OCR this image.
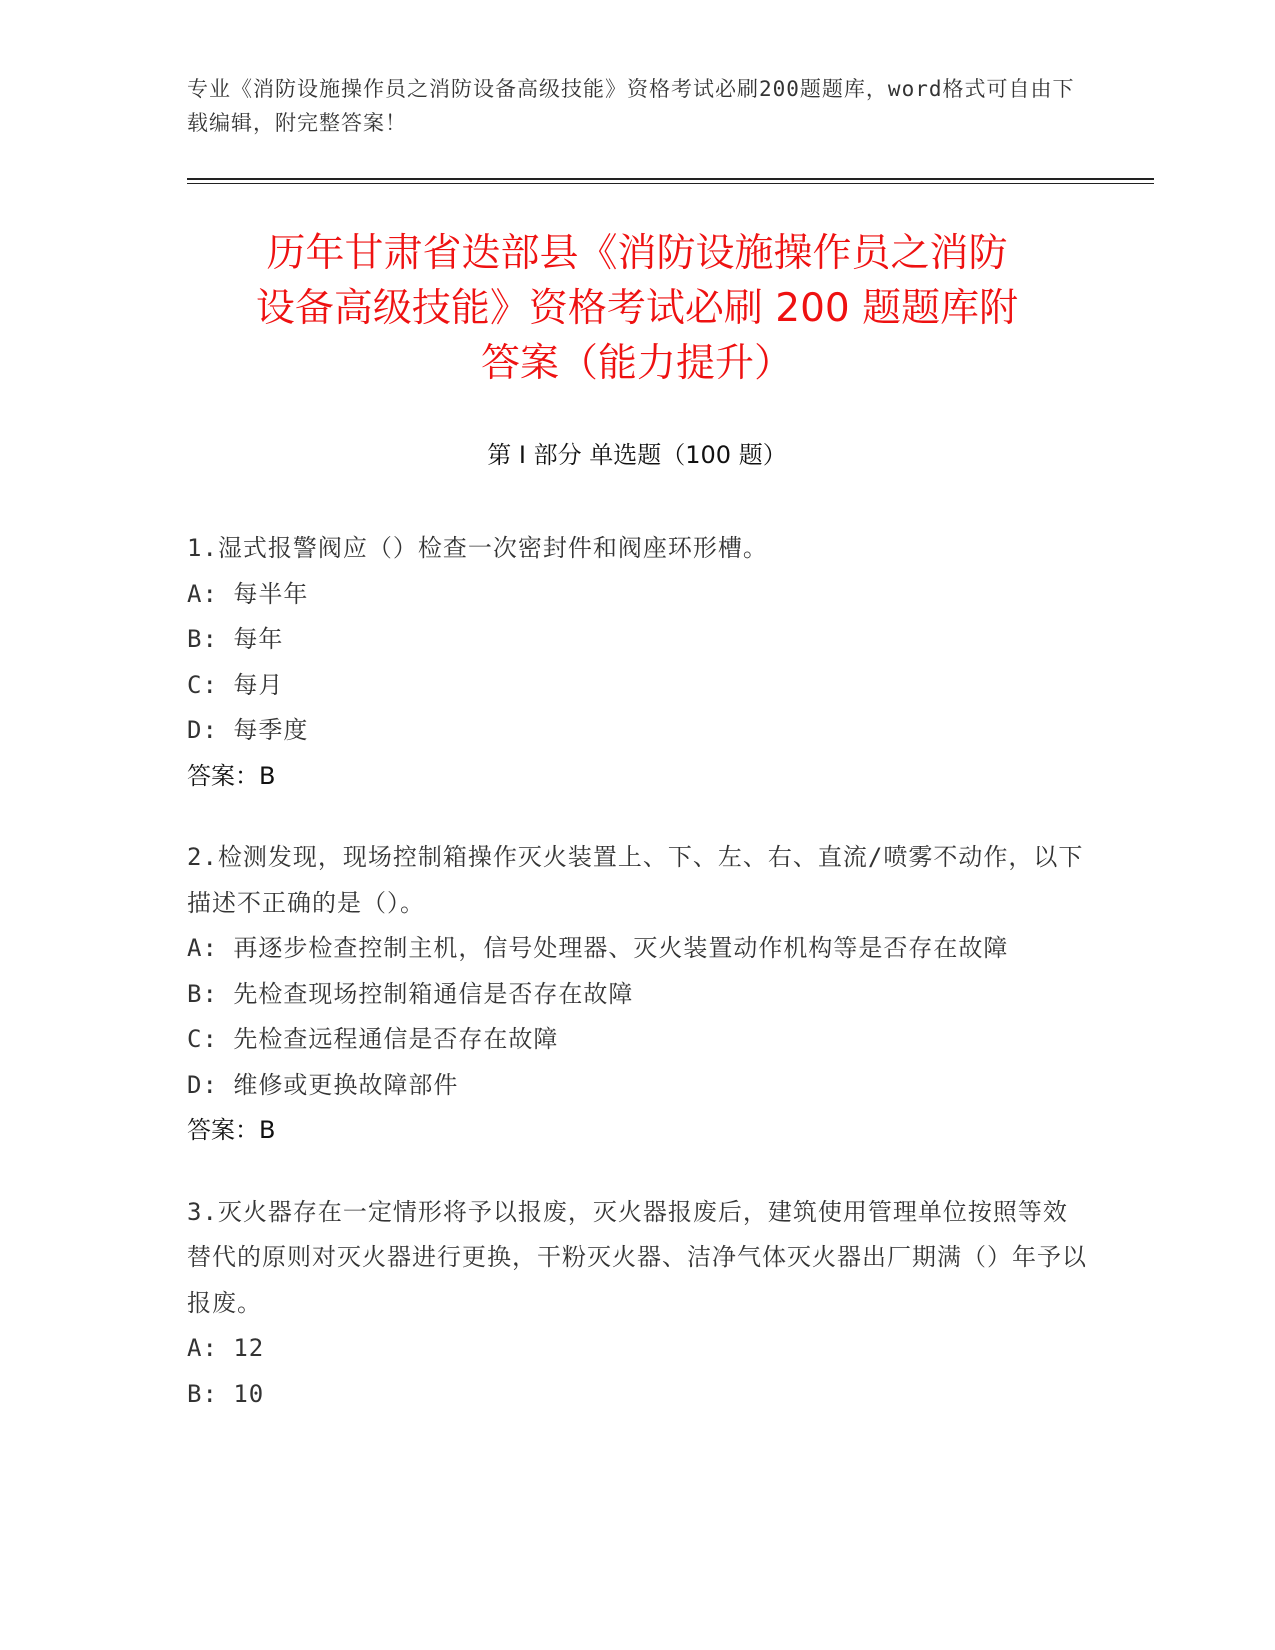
专业《消防设施操作员之消防设备高级技能》资格考试必刷200题题库，word格式可自由下载编辑，附完整答案！
历年甘肃省迭部县《消防设施操作员之消防
设备高级技能》资格考试必刷 200 题题库附
答案（能力提升）
第 I 部分 单选题（100 题）
1.湿式报警阀应（）检查一次密封件和阀座环形槽。
A: 每半年
B: 每年
C: 每月
D: 每季度
答案：B
2.检测发现，现场控制箱操作灭火装置上、下、左、右、直流/喷雾不动作，以下描述不正确的是（）。
A: 再逐步检查控制主机，信号处理器、灭火装置动作机构等是否存在故障
B: 先检查现场控制箱通信是否存在故障
C: 先检查远程通信是否存在故障
D: 维修或更换故障部件
答案：B
3.灭火器存在一定情形将予以报废，灭火器报废后，建筑使用管理单位按照等效替代的原则对灭火器进行更换，干粉灭火器、洁净气体灭火器出厂期满（）年予以报废。
A: 12
B: 10
